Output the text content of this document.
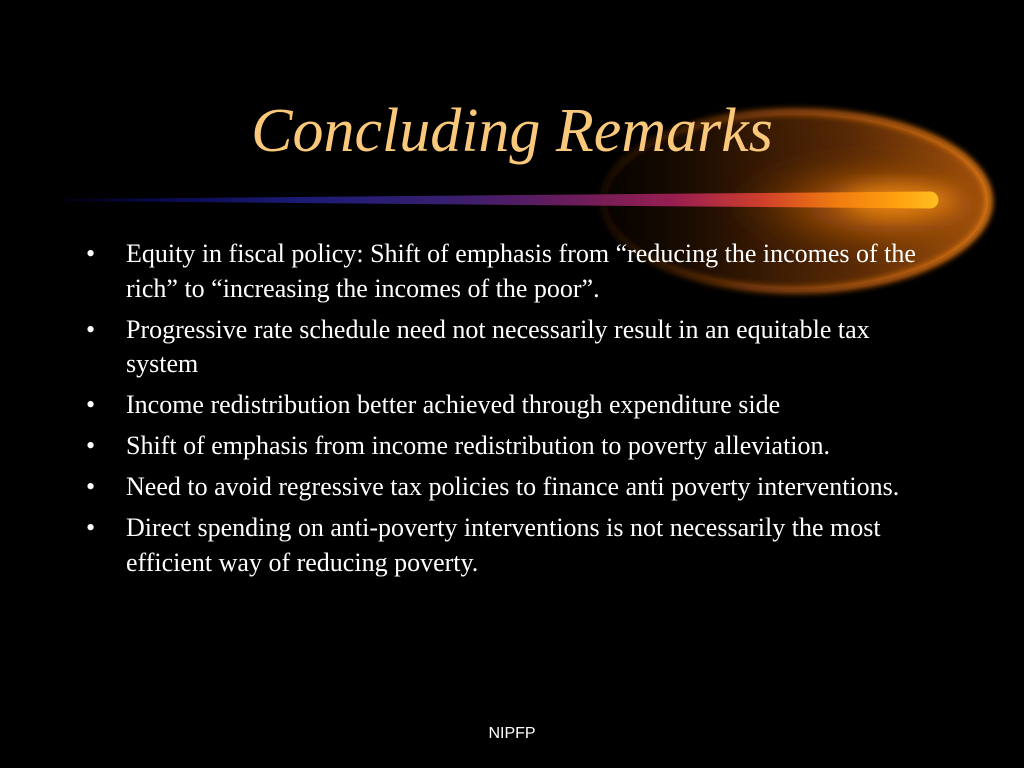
Concluding Remarks
• Equity in fiscal policy: Shift of emphasis from “reducing the incomes of the rich” to “increasing the incomes of the poor”.
• Progressive rate schedule need not necessarily result in an equitable tax system
• Income redistribution better achieved through expenditure side
• Shift of emphasis from income redistribution to poverty alleviation.
• Need to avoid regressive tax policies to finance anti poverty interventions.
• Direct spending on anti-poverty interventions is not necessarily the most efficient way of reducing poverty.
NIPFP
